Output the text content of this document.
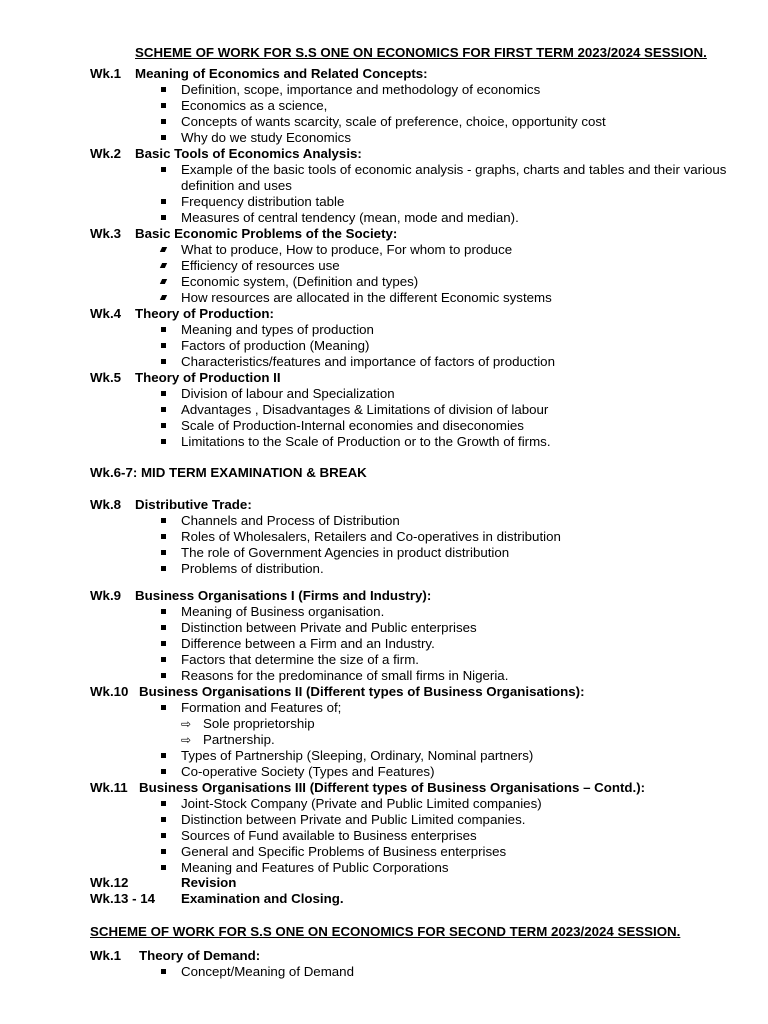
SCHEME OF WORK FOR S.S ONE ON ECONOMICS FOR FIRST TERM 2023/2024 SESSION.
Wk.1 Meaning of Economics and Related Concepts:
Definition, scope, importance and methodology of economics
Economics as a science,
Concepts of wants scarcity, scale of preference, choice, opportunity cost
Why do we study Economics
Wk.2 Basic Tools of Economics Analysis:
Example of the basic tools of economic analysis - graphs, charts and tables and their various
definition and uses
Frequency distribution table
Measures of central tendency (mean, mode and median).
Wk.3 Basic Economic Problems of the Society:
What to produce, How to produce, For whom to produce
Efficiency of resources use
Economic system, (Definition and types)
How resources are allocated in the different Economic systems
Wk.4 Theory of Production:
Meaning and types of production
Factors of production (Meaning)
Characteristics/features and importance of factors of production
Wk.5 Theory of Production II
Division of labour and Specialization
Advantages , Disadvantages & Limitations of division of labour
Scale of Production-Internal economies and diseconomies
Limitations to the Scale of Production or to the Growth of firms.
Wk.6-7: MID TERM EXAMINATION & BREAK
Wk.8 Distributive Trade:
Channels and Process of Distribution
Roles of Wholesalers, Retailers and Co-operatives in distribution
The role of Government Agencies in product distribution
Problems of distribution.
Wk.9 Business Organisations I (Firms and Industry):
Meaning of Business organisation.
Distinction between Private and Public enterprises
Difference between a Firm and an Industry.
Factors that determine the size of a firm.
Reasons for the predominance of small firms in Nigeria.
Wk.10 Business Organisations II (Different types of Business Organisations):
Formation and Features of;
⇨ Sole proprietorship
⇨ Partnership.
Types of Partnership (Sleeping, Ordinary, Nominal partners)
Co-operative Society (Types and Features)
Wk.11 Business Organisations III (Different types of Business Organisations – Contd.):
Joint-Stock Company (Private and Public Limited companies)
Distinction between Private and Public Limited companies.
Sources of Fund available to Business enterprises
General and Specific Problems of Business enterprises
Meaning and Features of Public Corporations
Wk.12	Revision
Wk.13 - 14 Examination and Closing.
SCHEME OF WORK FOR S.S ONE ON ECONOMICS FOR SECOND TERM 2023/2024 SESSION.
Wk.1 Theory of Demand:
Concept/Meaning of Demand
